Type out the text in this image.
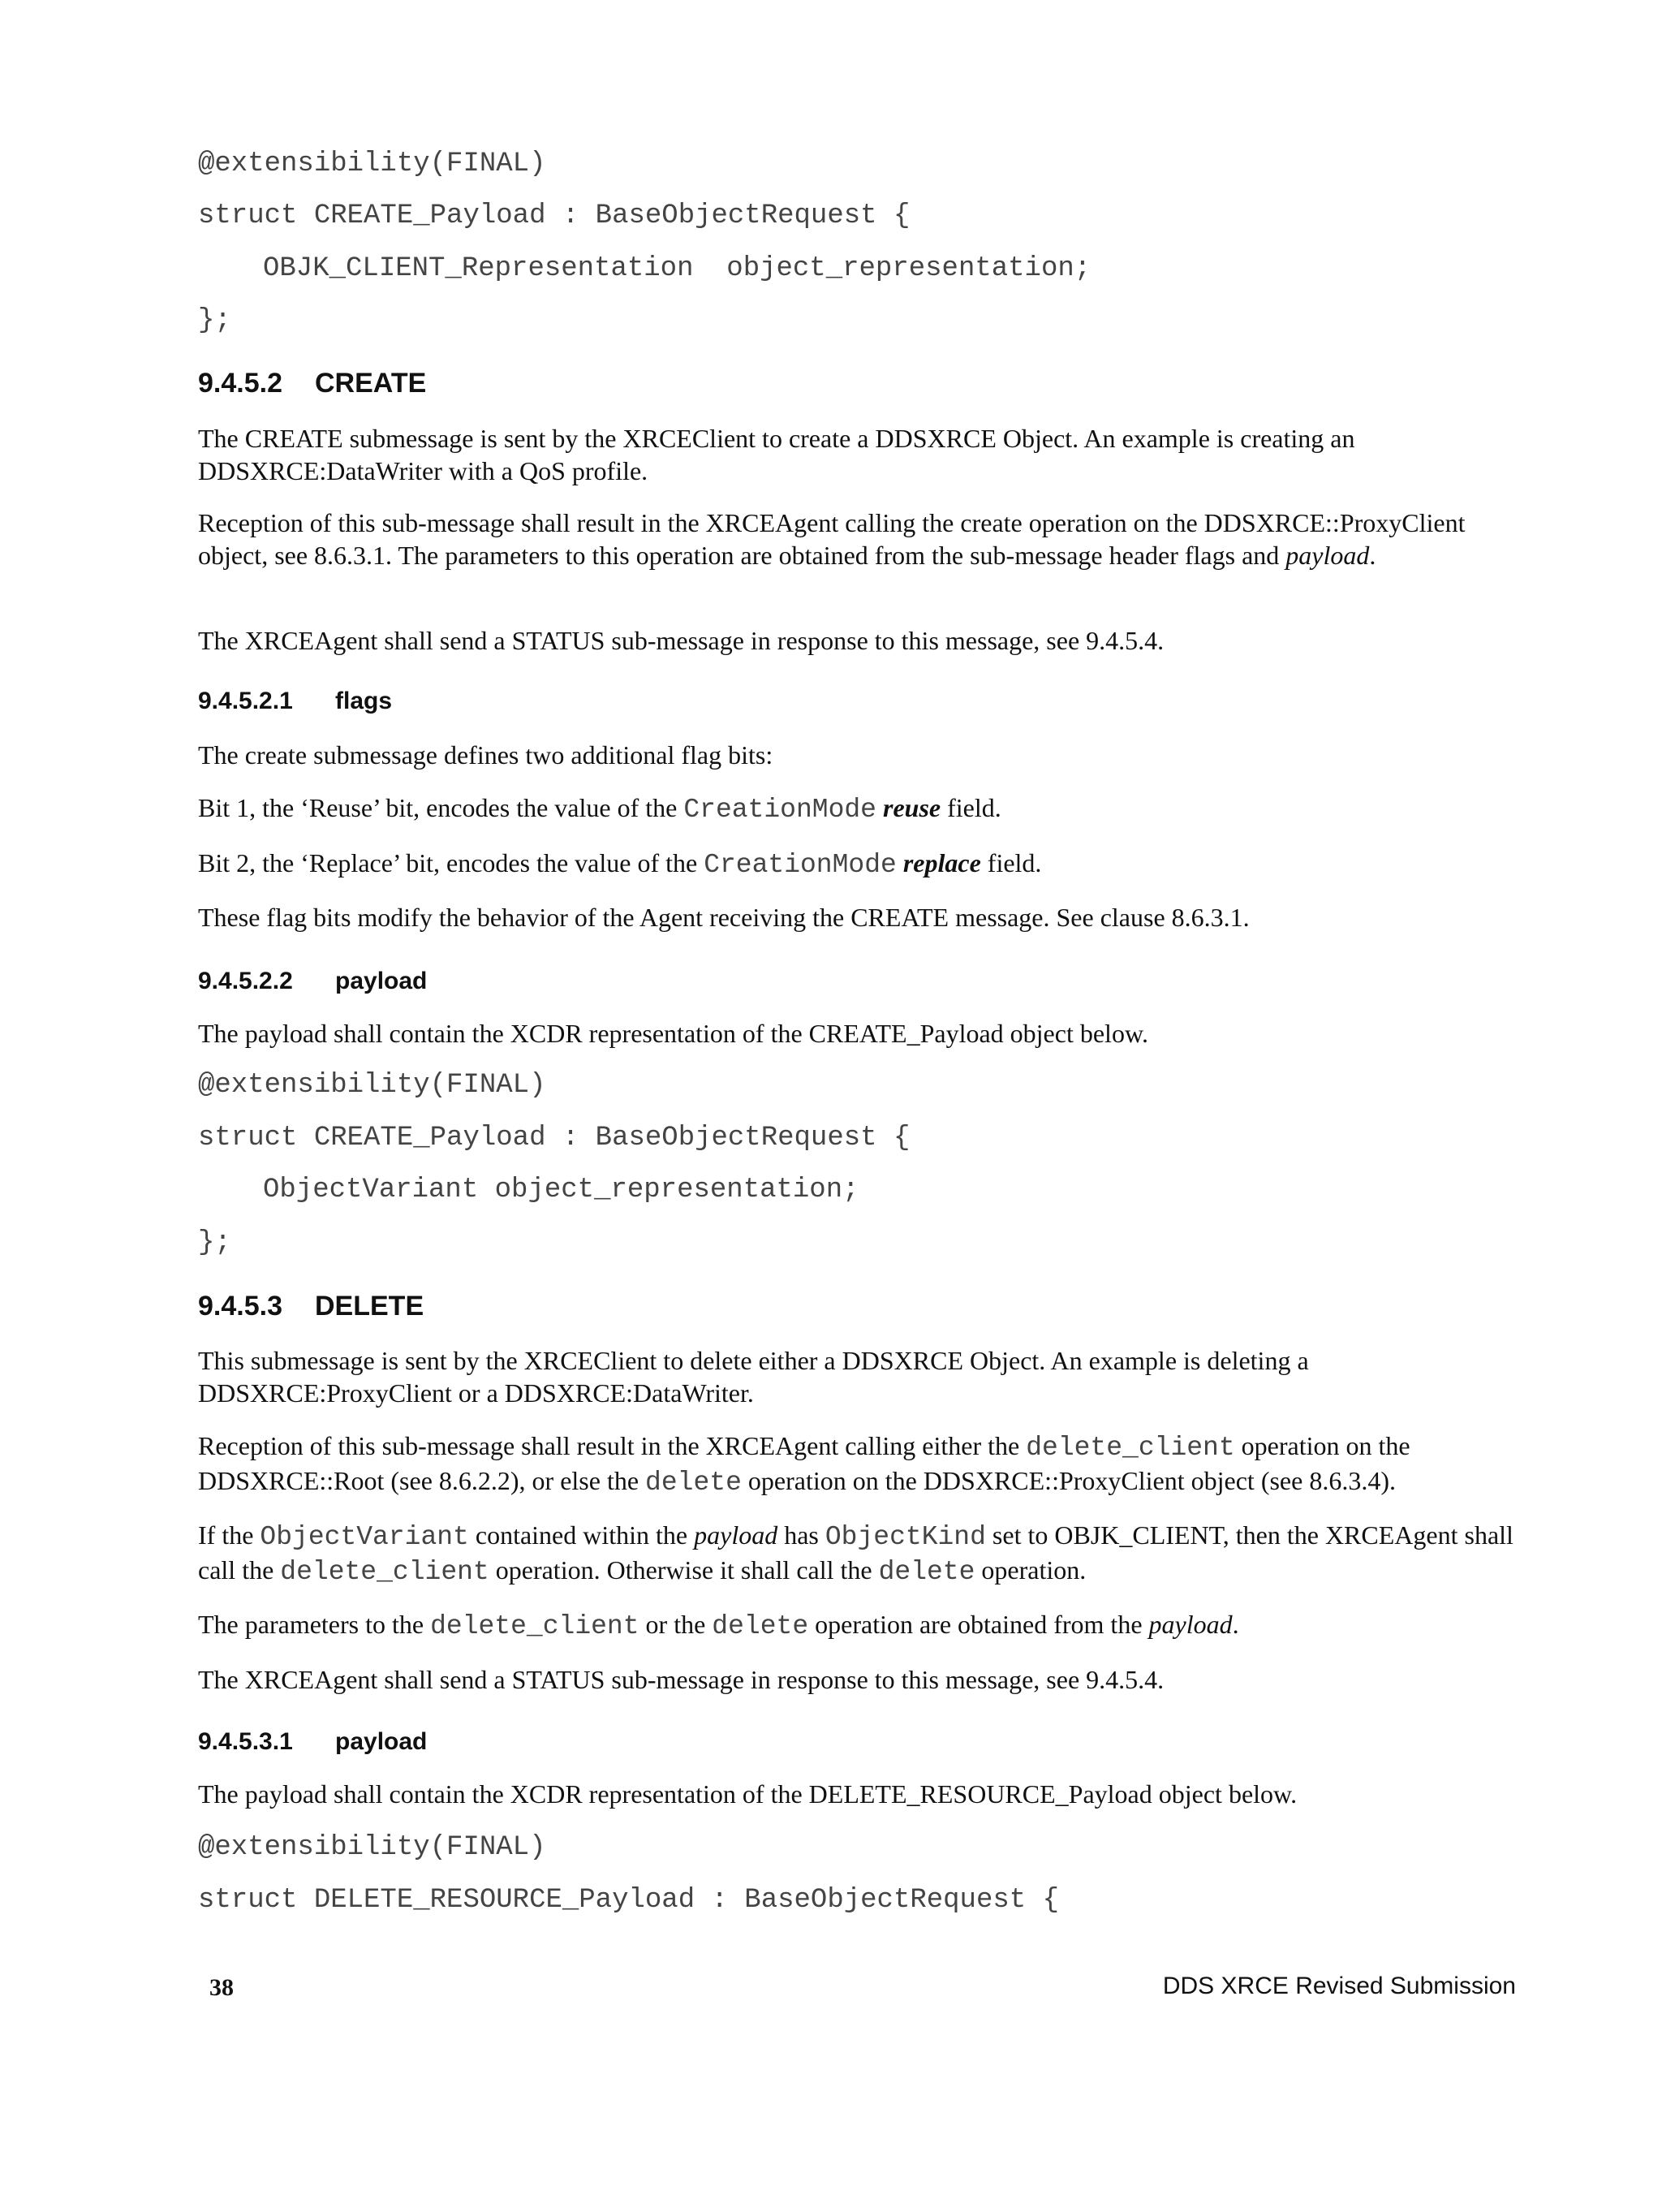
@extensibility(FINAL)
struct CREATE_Payload : BaseObjectRequest {
OBJK_CLIENT_Representation  object_representation;
};
9.4.5.2 CREATE

The CREATE submessage is sent by the XRCEClient to create a DDSXRCE Object. An example is creating an DDSXRCE:DataWriter with a QoS profile.

Reception of this sub-message shall result in the XRCEAgent calling the create operation on the DDSXRCE::ProxyClient object, see 8.6.3.1. The parameters to this operation are obtained from the sub-message header flags and payload.

The XRCEAgent shall send a STATUS sub-message in response to this message, see 9.4.5.4.

9.4.5.2.1 flags

The create submessage defines two additional flag bits:

Bit 1, the ‘Reuse’ bit, encodes the value of the CreationMode reuse field.

Bit 2, the ‘Replace’ bit, encodes the value of the CreationMode replace field.

These flag bits modify the behavior of the Agent receiving the CREATE message. See clause 8.6.3.1.

9.4.5.2.2 payload

The payload shall contain the XCDR representation of the CREATE_Payload object below.

@extensibility(FINAL)
struct CREATE_Payload : BaseObjectRequest {
ObjectVariant object_representation;
};
9.4.5.3 DELETE

This submessage is sent by the XRCEClient to delete either a DDSXRCE Object. An example is deleting a DDSXRCE:ProxyClient or a DDSXRCE:DataWriter.

Reception of this sub-message shall result in the XRCEAgent calling either the delete_client operation on the DDSXRCE::Root (see 8.6.2.2), or else the delete operation on the DDSXRCE::ProxyClient object (see 8.6.3.4).

If the ObjectVariant contained within the payload has ObjectKind set to OBJK_CLIENT, then the XRCEAgent shall call the delete_client operation. Otherwise it shall call the delete operation.

The parameters to the delete_client or the delete operation are obtained from the payload.

The XRCEAgent shall send a STATUS sub-message in response to this message, see 9.4.5.4.

9.4.5.3.1 payload

The payload shall contain the XCDR representation of the DELETE_RESOURCE_Payload object below.

@extensibility(FINAL)
struct DELETE_RESOURCE_Payload : BaseObjectRequest {
38	DDS XRCE Revised Submission
